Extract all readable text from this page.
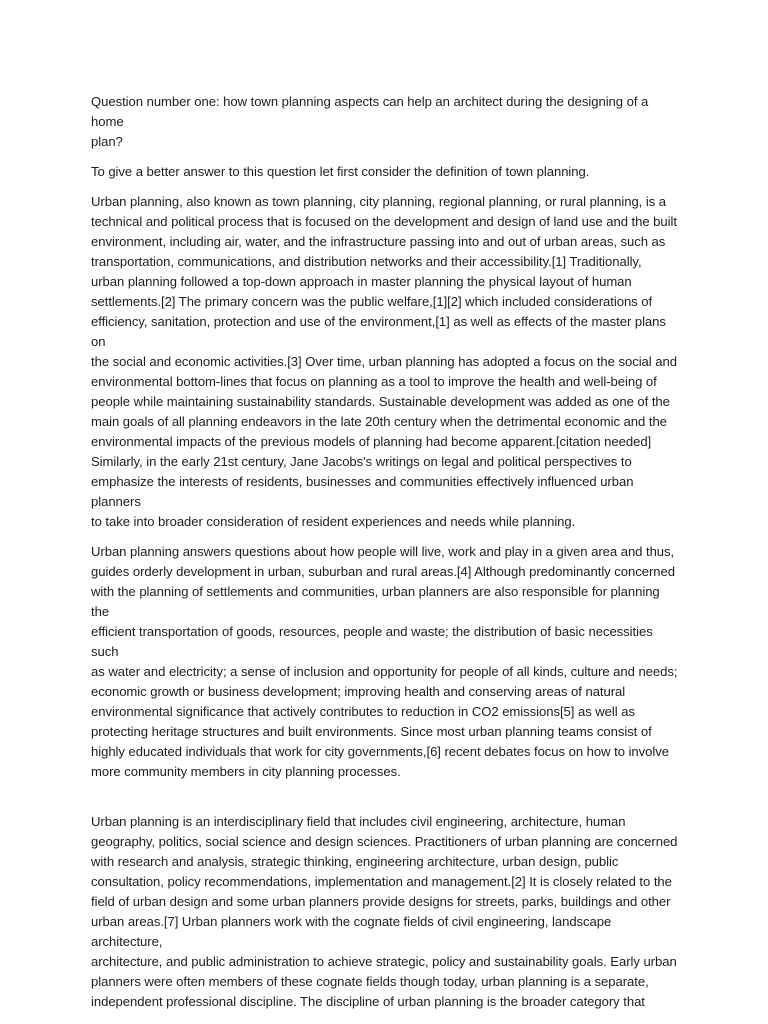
Question number one: how town planning aspects can help an architect during the designing of a home
plan?

To give a better answer to this question let first consider the definition of town planning.

Urban planning, also known as town planning, city planning, regional planning, or rural planning, is a
technical and political process that is focused on the development and design of land use and the built
environment, including air, water, and the infrastructure passing into and out of urban areas, such as
transportation, communications, and distribution networks and their accessibility.[1] Traditionally,
urban planning followed a top-down approach in master planning the physical layout of human
settlements.[2] The primary concern was the public welfare,[1][2] which included considerations of
efficiency, sanitation, protection and use of the environment,[1] as well as effects of the master plans on
the social and economic activities.[3] Over time, urban planning has adopted a focus on the social and
environmental bottom-lines that focus on planning as a tool to improve the health and well-being of
people while maintaining sustainability standards. Sustainable development was added as one of the
main goals of all planning endeavors in the late 20th century when the detrimental economic and the
environmental impacts of the previous models of planning had become apparent.[citation needed]
Similarly, in the early 21st century, Jane Jacobs's writings on legal and political perspectives to
emphasize the interests of residents, businesses and communities effectively influenced urban planners
to take into broader consideration of resident experiences and needs while planning.

Urban planning answers questions about how people will live, work and play in a given area and thus,
guides orderly development in urban, suburban and rural areas.[4] Although predominantly concerned
with the planning of settlements and communities, urban planners are also responsible for planning the
efficient transportation of goods, resources, people and waste; the distribution of basic necessities such
as water and electricity; a sense of inclusion and opportunity for people of all kinds, culture and needs;
economic growth or business development; improving health and conserving areas of natural
environmental significance that actively contributes to reduction in CO2 emissions[5] as well as
protecting heritage structures and built environments. Since most urban planning teams consist of
highly educated individuals that work for city governments,[6] recent debates focus on how to involve
more community members in city planning processes.

Urban planning is an interdisciplinary field that includes civil engineering, architecture, human
geography, politics, social science and design sciences. Practitioners of urban planning are concerned
with research and analysis, strategic thinking, engineering architecture, urban design, public
consultation, policy recommendations, implementation and management.[2] It is closely related to the
field of urban design and some urban planners provide designs for streets, parks, buildings and other
urban areas.[7] Urban planners work with the cognate fields of civil engineering, landscape architecture,
architecture, and public administration to achieve strategic, policy and sustainability goals. Early urban
planners were often members of these cognate fields though today, urban planning is a separate,
independent professional discipline. The discipline of urban planning is the broader category that
